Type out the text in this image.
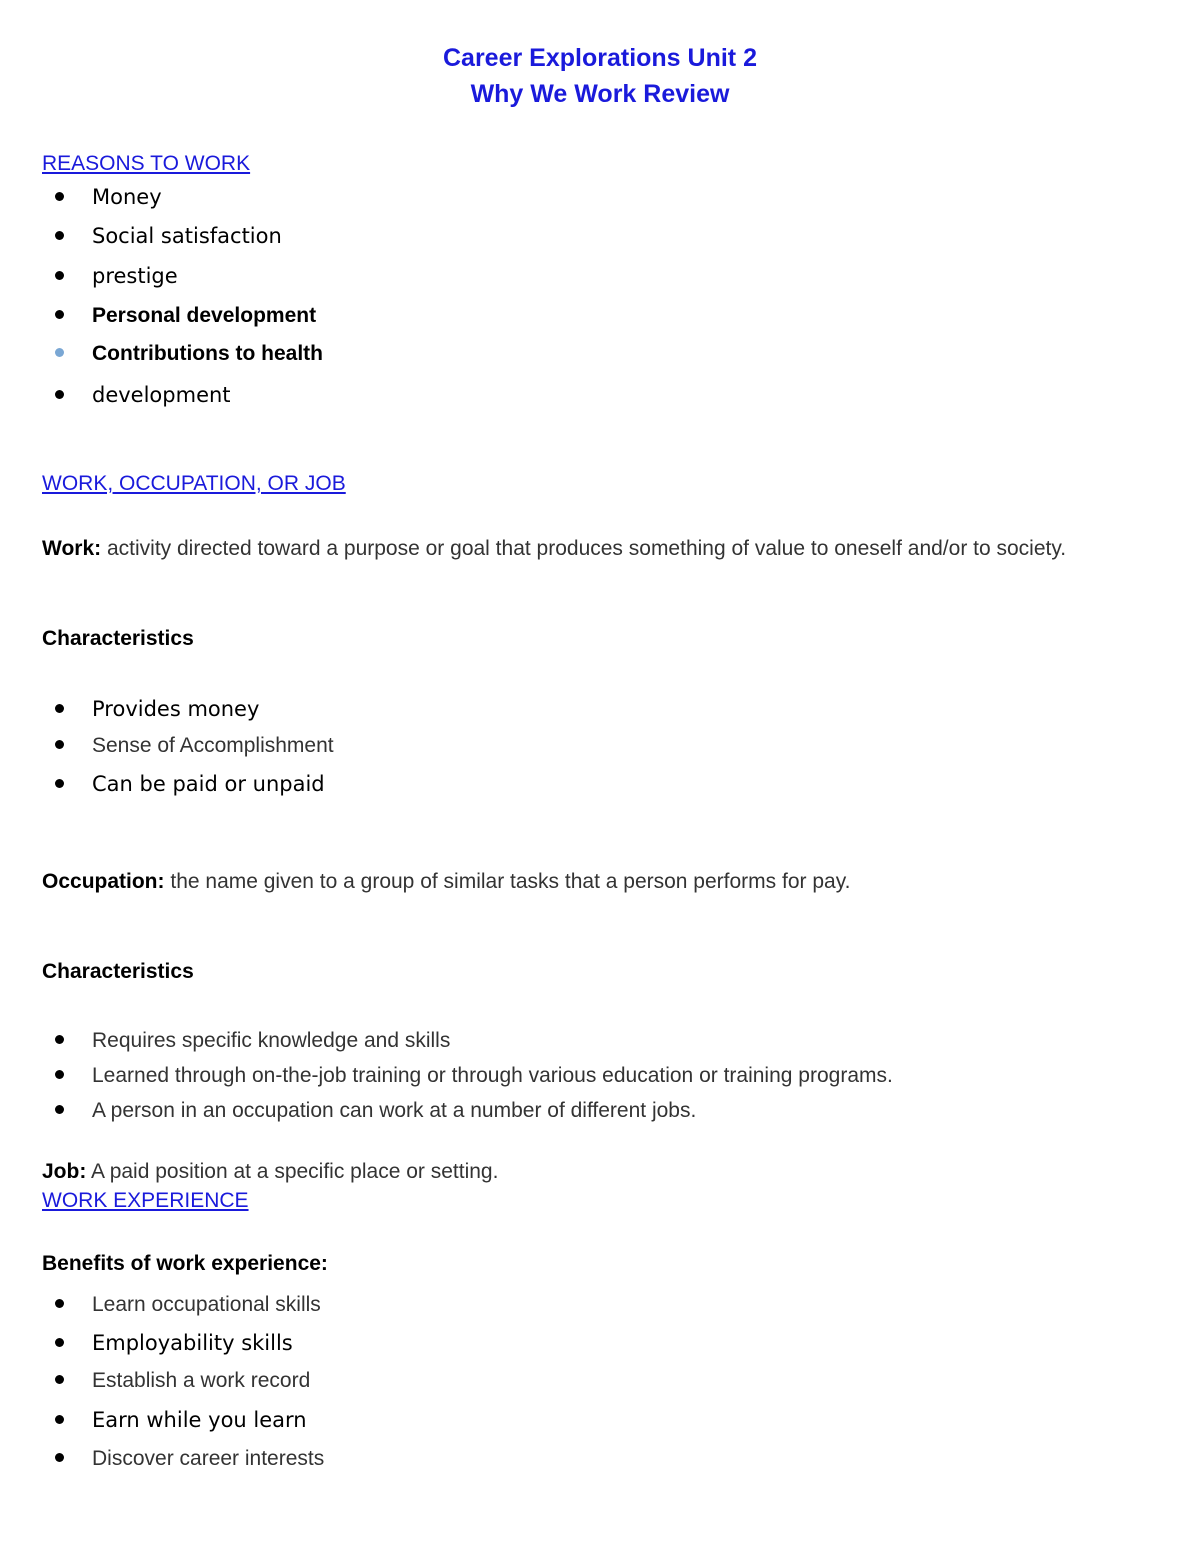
Career Explorations Unit 2
Why We Work Review
REASONS TO WORK
Money
Social satisfaction
prestige
Personal development
Contributions to health
development
WORK, OCCUPATION, OR JOB
Work: activity directed toward a purpose or goal that produces something of value to oneself and/or to society.
Characteristics
Provides money
Sense of Accomplishment
Can be paid or unpaid
Occupation: the name given to a group of similar tasks that a person performs for pay.
Characteristics
Requires specific knowledge and skills
Learned through on-the-job training or through various education or training programs.
A person in an occupation can work at a number of different jobs.
Job: A paid position at a specific place or setting.
WORK EXPERIENCE
Benefits of work experience:
Learn occupational skills
Employability skills
Establish a work record
Earn while you learn
Discover career interests
